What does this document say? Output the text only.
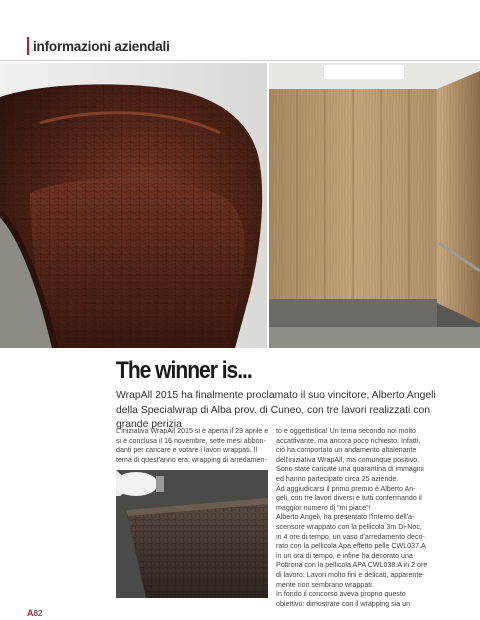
informazioni aziendali
The winner is...
WrapAll 2015 ha finalmente proclamato il suo vincitore, Alberto Angeli della Specialwrap di Alba prov. di Cuneo, con tre lavori realizzati con grande perizia

L'iniziativa WrapAll 2015 si è aperta il 29 aprile e

si è conclusa il 16 novembre, sette mesi abbon-

danti per caricare e votare i lavori wrappati. Il

tema di quest'anno era: wrapping di arredamen-

to e oggettistica! Un tema secondo noi molto

accattivante, ma ancora poco richiesto. Infatti,

ciò ha comportato un andamento altalenante

dell'iniziativa WrapAll, ma comunque positivo.

Sono state caricate una quarantina di immagini

ed hanno partecipato circa 25 aziende.

Ad aggiudicarsi il primo premio è Alberto An-

geli, con tre lavori diversi e tutti confermando il

maggior numero di "mi piace"!

Alberto Angeli, ha presentato l'interno dell'a-

scensore wrappato con la pellicola 3m Di-Noc,

in 4 ore di tempo, un vaso d'arredamento deco-

rato con la pellicola Apa effetto pelle CWL037.A

in un ora di tempo, e infine ha decorato una

Poltrona con la pellicola APA CWL038.A in 2 ore

di lavoro. Lavori molto fini e delicati, apparente-

mente non sembrano wrappati.

In fondo il concorso aveva proprio questo

obiettivo: dimostrare con il wrapping sia un

A82
